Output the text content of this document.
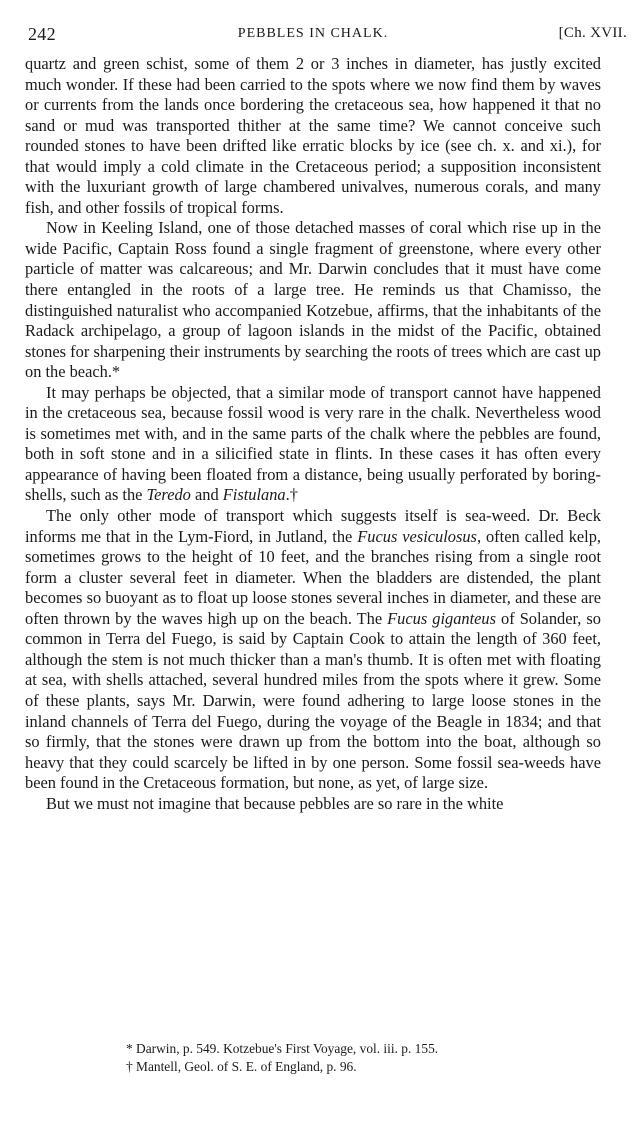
242	PEBBLES IN CHALK.	[Ch. XVII.

quartz and green schist, some of them 2 or 3 inches in diameter, has justly excited much wonder. If these had been carried to the spots where we now find them by waves or currents from the lands once bordering the cretaceous sea, how happened it that no sand or mud was transported thither at the same time? We cannot conceive such rounded stones to have been drifted like erratic blocks by ice (see ch. x. and xi.), for that would imply a cold climate in the Cretaceous period; a supposition inconsistent with the luxuriant growth of large chambered univalves, numerous corals, and many fish, and other fossils of tropical forms.

Now in Keeling Island, one of those detached masses of coral which rise up in the wide Pacific, Captain Ross found a single fragment of greenstone, where every other particle of matter was calcareous; and Mr. Darwin concludes that it must have come there entangled in the roots of a large tree. He reminds us that Chamisso, the distinguished naturalist who accompanied Kotzebue, affirms, that the inhabitants of the Radack archipelago, a group of lagoon islands in the midst of the Pacific, obtained stones for sharpening their instruments by searching the roots of trees which are cast up on the beach.*

It may perhaps be objected, that a similar mode of transport cannot have happened in the cretaceous sea, because fossil wood is very rare in the chalk. Nevertheless wood is sometimes met with, and in the same parts of the chalk where the pebbles are found, both in soft stone and in a silicified state in flints. In these cases it has often every appearance of having been floated from a distance, being usually perforated by boring-shells, such as the Teredo and Fistulana.†

The only other mode of transport which suggests itself is sea-weed. Dr. Beck informs me that in the Lym-Fiord, in Jutland, the Fucus vesiculosus, often called kelp, sometimes grows to the height of 10 feet, and the branches rising from a single root form a cluster several feet in diameter. When the bladders are distended, the plant becomes so buoyant as to float up loose stones several inches in diameter, and these are often thrown by the waves high up on the beach. The Fucus giganteus of Solander, so common in Terra del Fuego, is said by Captain Cook to attain the length of 360 feet, although the stem is not much thicker than a man's thumb. It is often met with floating at sea, with shells attached, several hundred miles from the spots where it grew. Some of these plants, says Mr. Darwin, were found adhering to large loose stones in the inland channels of Terra del Fuego, during the voyage of the Beagle in 1834; and that so firmly, that the stones were drawn up from the bottom into the boat, although so heavy that they could scarcely be lifted in by one person. Some fossil sea-weeds have been found in the Cretaceous formation, but none, as yet, of large size.

But we must not imagine that because pebbles are so rare in the white

* Darwin, p. 549. Kotzebue's First Voyage, vol. iii. p. 155.

† Mantell, Geol. of S. E. of England, p. 96.
